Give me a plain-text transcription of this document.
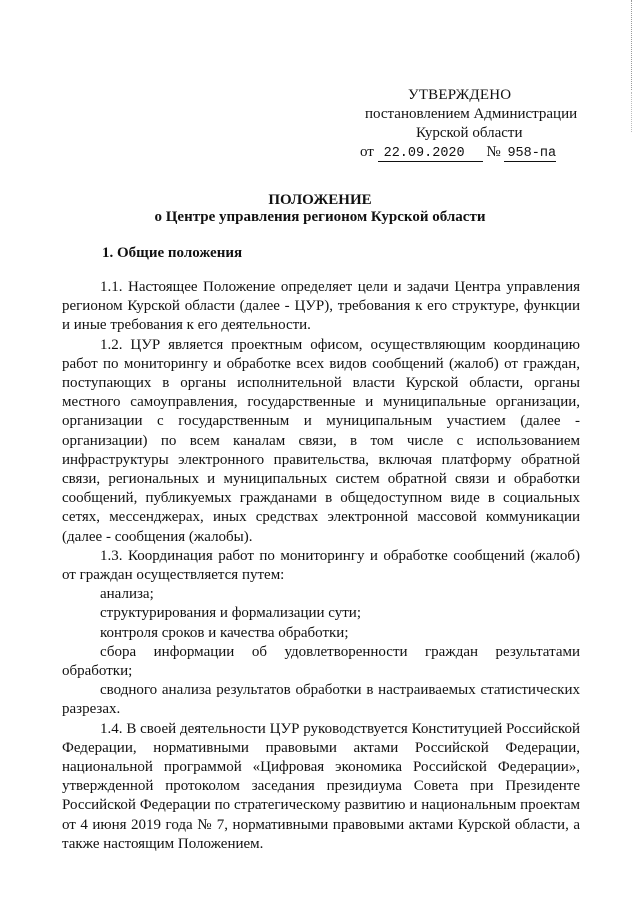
УТВЕРЖДЕНО
постановлением Администрации
Курской области
от 22.09.2020 № 958-па
ПОЛОЖЕНИЕ
о Центре управления регионом Курской области
1. Общие положения

1.1. Настоящее Положение определяет цели и задачи Центра управления регионом Курской области (далее - ЦУР), требования к его структуре, функции и иные требования к его деятельности.

1.2. ЦУР является проектным офисом, осуществляющим координацию работ по мониторингу и обработке всех видов сообщений (жалоб) от граждан, поступающих в органы исполнительной власти Курской области, органы местного самоуправления, государственные и муниципальные организации, организации с государственным и муниципальным участием (далее - организации) по всем каналам связи, в том числе с использованием инфраструктуры электронного правительства, включая платформу обратной связи, региональных и муниципальных систем обратной связи и обработки сообщений, публикуемых гражданами в общедоступном виде в социальных сетях, мессенджерах, иных средствах электронной массовой коммуникации (далее - сообщения (жалобы).

1.3. Координация работ по мониторингу и обработке сообщений (жалоб) от граждан осуществляется путем:

анализа;

структурирования и формализации сути;

контроля сроков и качества обработки;

сбора информации об удовлетворенности граждан результатами обработки;

сводного анализа результатов обработки в настраиваемых статистических разрезах.

1.4. В своей деятельности ЦУР руководствуется Конституцией Российской Федерации, нормативными правовыми актами Российской Федерации, национальной программой «Цифровая экономика Российской Федерации», утвержденной протоколом заседания президиума Совета при Президенте Российской Федерации по стратегическому развитию и национальным проектам от 4 июня 2019 года № 7, нормативными правовыми актами Курской области, а также настоящим Положением.
